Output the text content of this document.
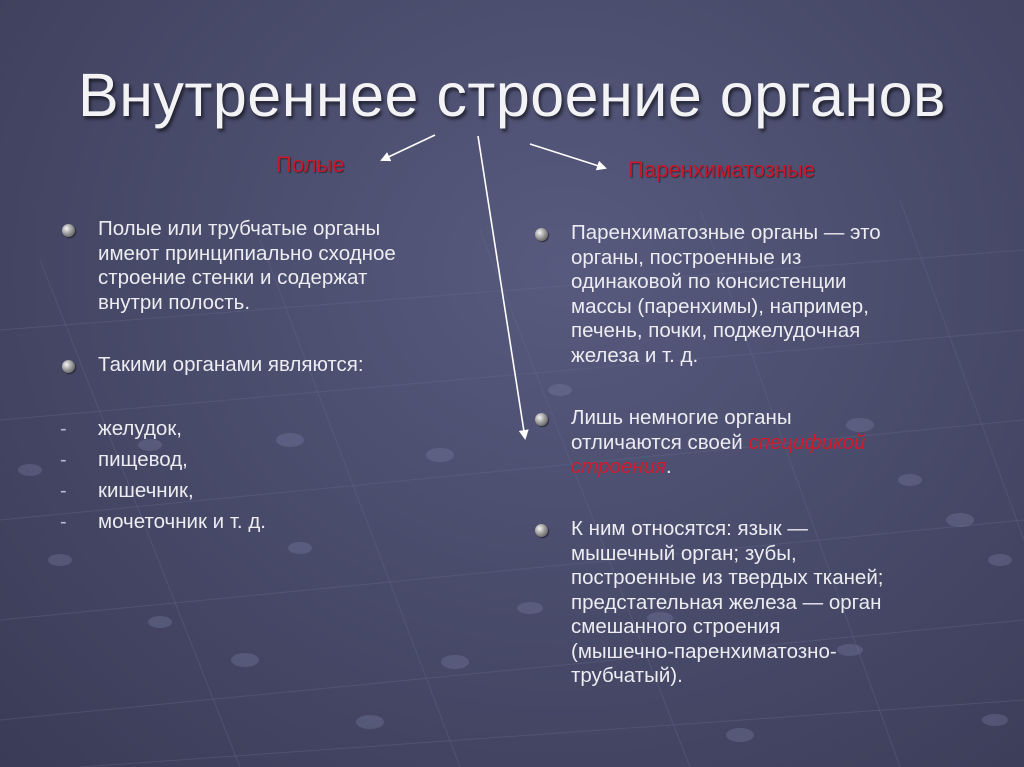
Внутреннее строение органов
Полые	Паренхиматозные
Полые или трубчатые органы
имеют принципиально сходное
строение стенки и содержат
внутри полость.
Такими органами являются:
- желудок,
- пищевод,
- кишечник,
- мочеточник и т. д.
Паренхиматозные органы — это
органы, построенные из
одинаковой по консистенции
массы (паренхимы), например,
печень, почки, поджелудочная
железа и т. д.
Лишь немногие органы
отличаются своей спецификой
строения.
К ним относятся: язык —
мышечный орган; зубы,
построенные из твердых тканей;
предстательная железа — орган
смешанного строения
(мышечно-паренхиматозно-
трубчатый).
